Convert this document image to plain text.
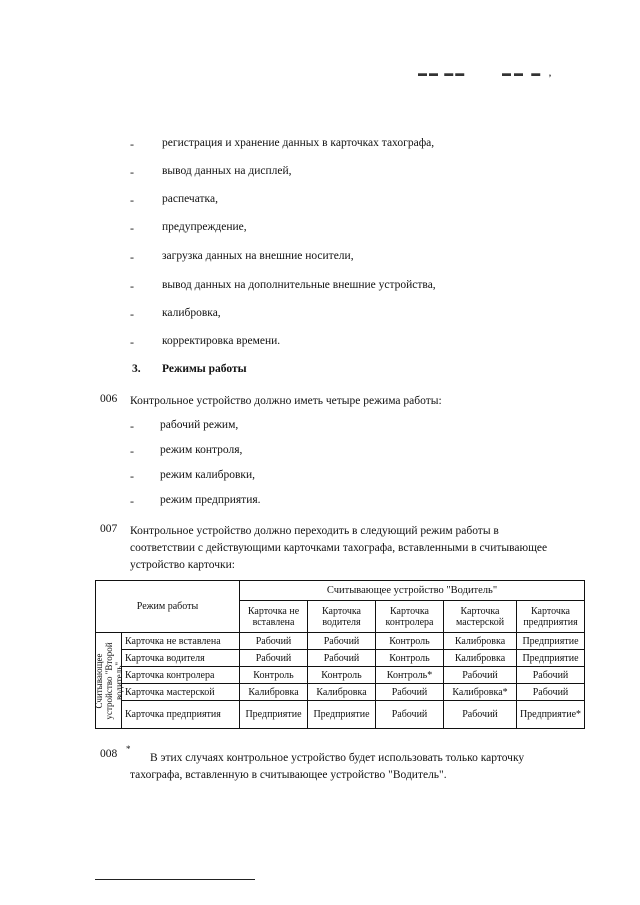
▬▬ ▬▬	▬▬ ▬ ‚
- регистрация и хранение данных в карточках тахографа,
- вывод данных на дисплей,
- распечатка,
- предупреждение,
- загрузка данных на внешние носители,
- вывод данных на дополнительные внешние устройства,
- калибровка,
- корректировка времени.
3. Режимы работы
006 Контрольное устройство должно иметь четыре режима работы:
- рабочий режим,
- режим контроля,
- режим калибровки,
- режим предприятия.
007 Контрольное устройство должно переходить в следующий режим работы в
соответствии с действующими карточками тахографа, вставленными в считывающее
устройство карточки:
Режим работы		Считывающее устройство "Водитель"				
		Карточка не вставлена	Карточка водителя	Карточка контролера	Карточка мастерской	Карточка предприятия

Считывающее устройство "Второй водитель"	Карточка не вставлена	Рабочий	Рабочий	Контроль	Калибровка	Предприятие
	Карточка водителя	Рабочий	Рабочий	Контроль	Калибровка	Предприятие
	Карточка контролера	Контроль	Контроль	Контроль*	Рабочий	Рабочий
	Карточка мастерской	Калибровка	Калибровка	Рабочий	Калибровка*	Рабочий
	Карточка предприятия	Предприятие	Предприятие	Рабочий	Рабочий	Предприятие*
008 *
В этих случаях контрольное устройство будет использовать только карточку
тахографа, вставленную в считывающее устройство "Водитель".
